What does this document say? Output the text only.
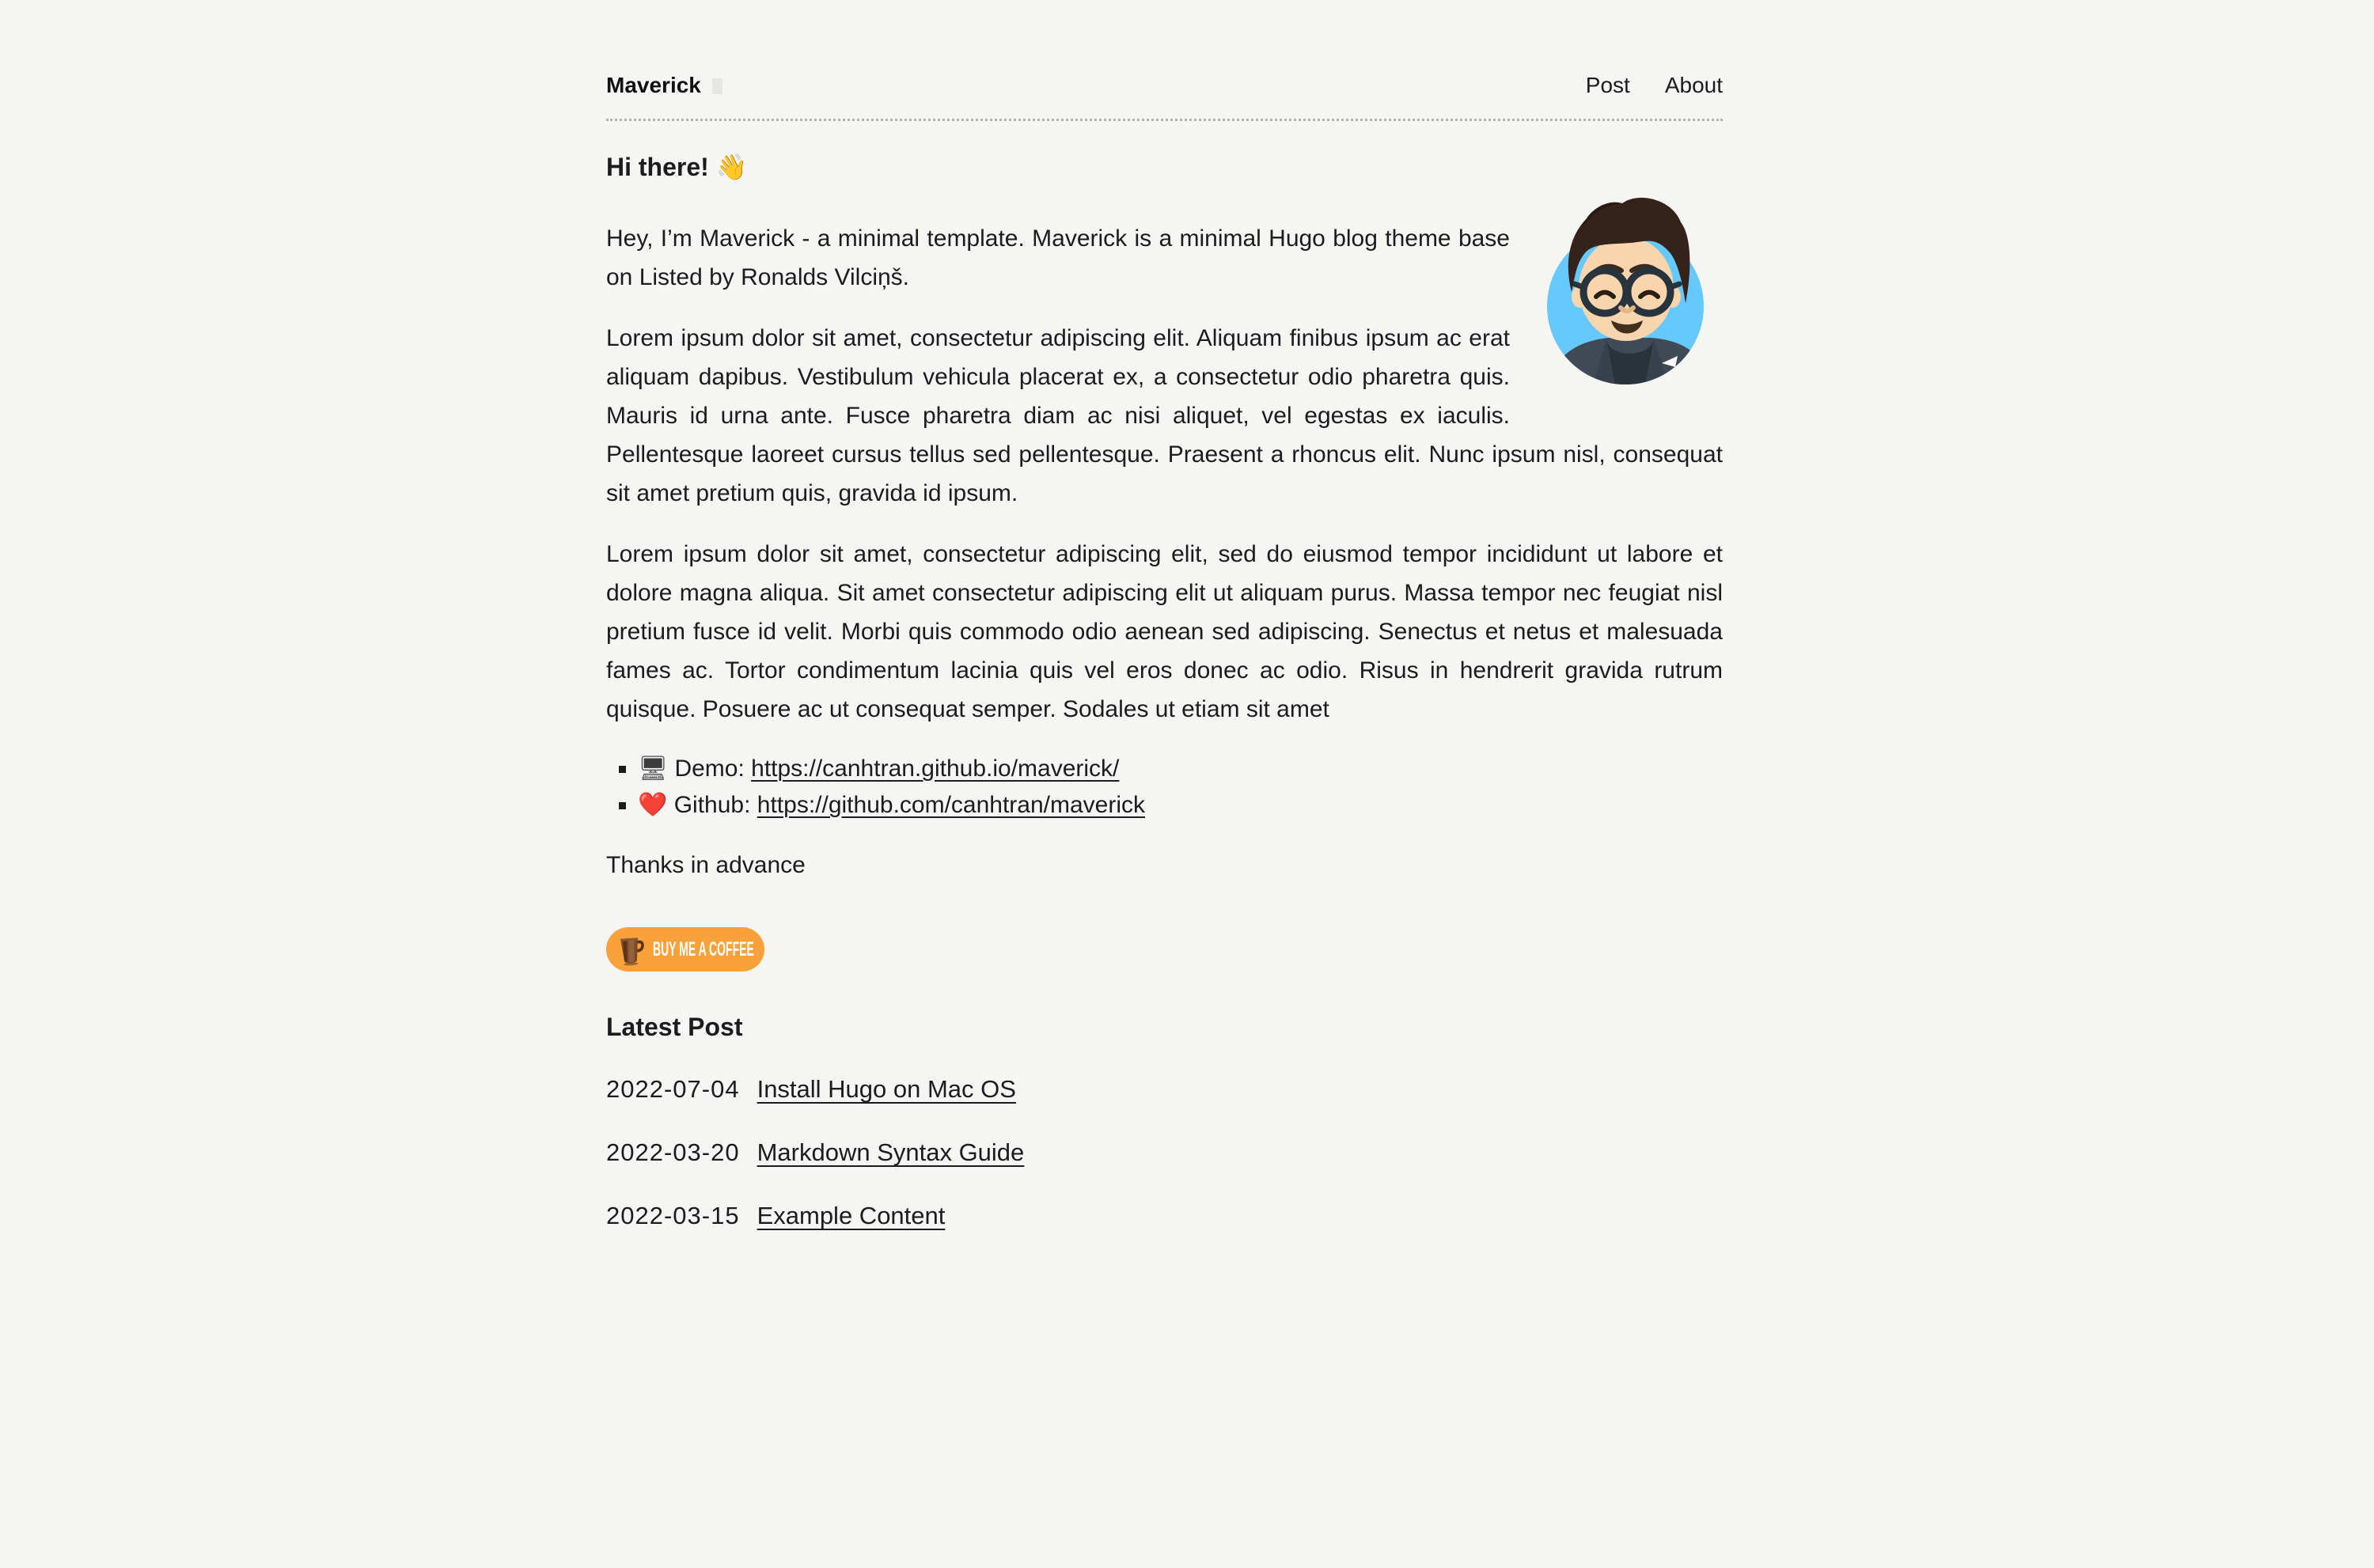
Maverick	Post About
Hi there! 👋

Hey, I’m Maverick - a minimal template. Maverick is a minimal Hugo blog theme base on Listed by Ronalds Vilciņš.

Lorem ipsum dolor sit amet, consectetur adipiscing elit. Aliquam finibus ipsum ac erat aliquam dapibus. Vestibulum vehicula placerat ex, a consectetur odio pharetra quis. Mauris id urna ante. Fusce pharetra diam ac nisi aliquet, vel egestas ex iaculis. Pellentesque laoreet cursus tellus sed pellentesque. Praesent a rhoncus elit. Nunc ipsum nisl, consequat sit amet pretium quis, gravida id ipsum.

Lorem ipsum dolor sit amet, consectetur adipiscing elit, sed do eiusmod tempor incididunt ut labore et dolore magna aliqua. Sit amet consectetur adipiscing elit ut aliquam purus. Massa tempor nec feugiat nisl pretium fusce id velit. Morbi quis commodo odio aenean sed adipiscing. Senectus et netus et malesuada fames ac. Tortor condimentum lacinia quis vel eros donec ac odio. Risus in hendrerit gravida rutrum quisque. Posuere ac ut consequat semper. Sodales ut etiam sit amet

▪ 🖥 Demo: https://canhtran.github.io/maverick/
▪ ❤️ Github: https://github.com/canhtran/maverick

Thanks in advance

BUY ME A COFFEE
Latest Post
2022-07-04 Install Hugo on Mac OS
2022-03-20 Markdown Syntax Guide
2022-03-15 Example Content
